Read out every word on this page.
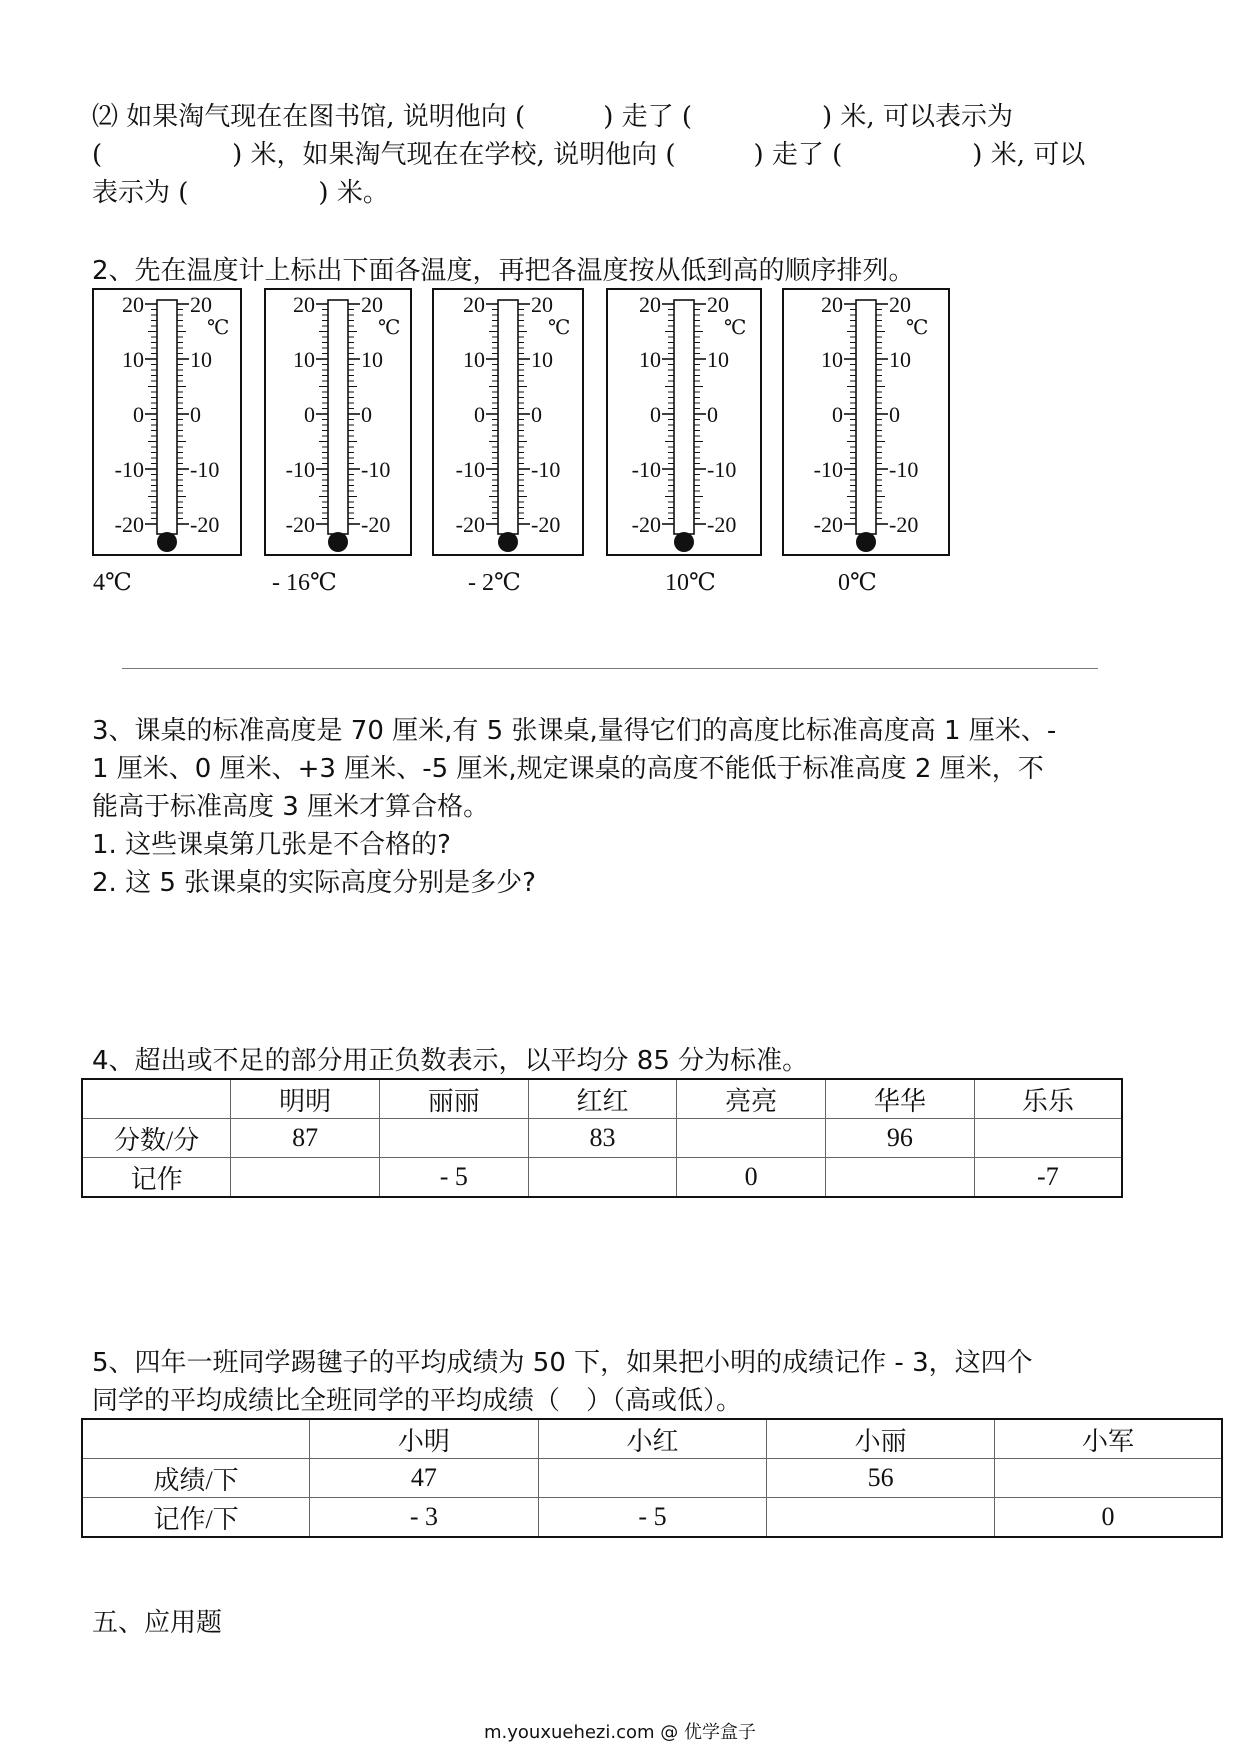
⑵ 如果淘气现在在图书馆, 说明他向 (　　　) 走了 (　　　　　) 米, 可以表示为
(　　　　　) 米，如果淘气现在在学校, 说明他向 (　　　) 走了 (　　　　　) 米, 可以
表示为 (　　　　　) 米。
2、先在温度计上标出下面各温度，再把各温度按从低到高的顺序排列。
20 20
10 10
0 0
-10 -10
-20 -20
℃
20 20
10 10
0 0
-10 -10
-20 -20
℃
20 20
10 10
0 0
-10 -10
-20 -20
℃
20 20
10 10
0 0
-10 -10
-20 -20
℃
20 20
10 10
0 0
-10 -10
-20 -20
℃
4℃	- 16℃	- 2℃	10℃	0℃
3、课桌的标准高度是 70 厘米,有 5 张课桌,量得它们的高度比标准高度高 1 厘米、-
1 厘米、0 厘米、+3 厘米、-5 厘米,规定课桌的高度不能低于标准高度 2 厘米，不
能高于标准高度 3 厘米才算合格。
1. 这些课桌第几张是不合格的?
2. 这 5 张课桌的实际高度分别是多少?
4、超出或不足的部分用正负数表示，以平均分 85 分为标准。
	明明	丽丽	红红	亮亮	华华	乐乐
分数/分	87		83		96	
记作		- 5		0		-7
5、四年一班同学踢毽子的平均成绩为 50 下，如果把小明的成绩记作 - 3，这四个
同学的平均成绩比全班同学的平均成绩（　）（高或低）。
	小明	小红	小丽	小军
成绩/下	47		56	
记作/下	- 3	- 5		0
五、应用题
m.youxuehezi.com @ 优学盒子
